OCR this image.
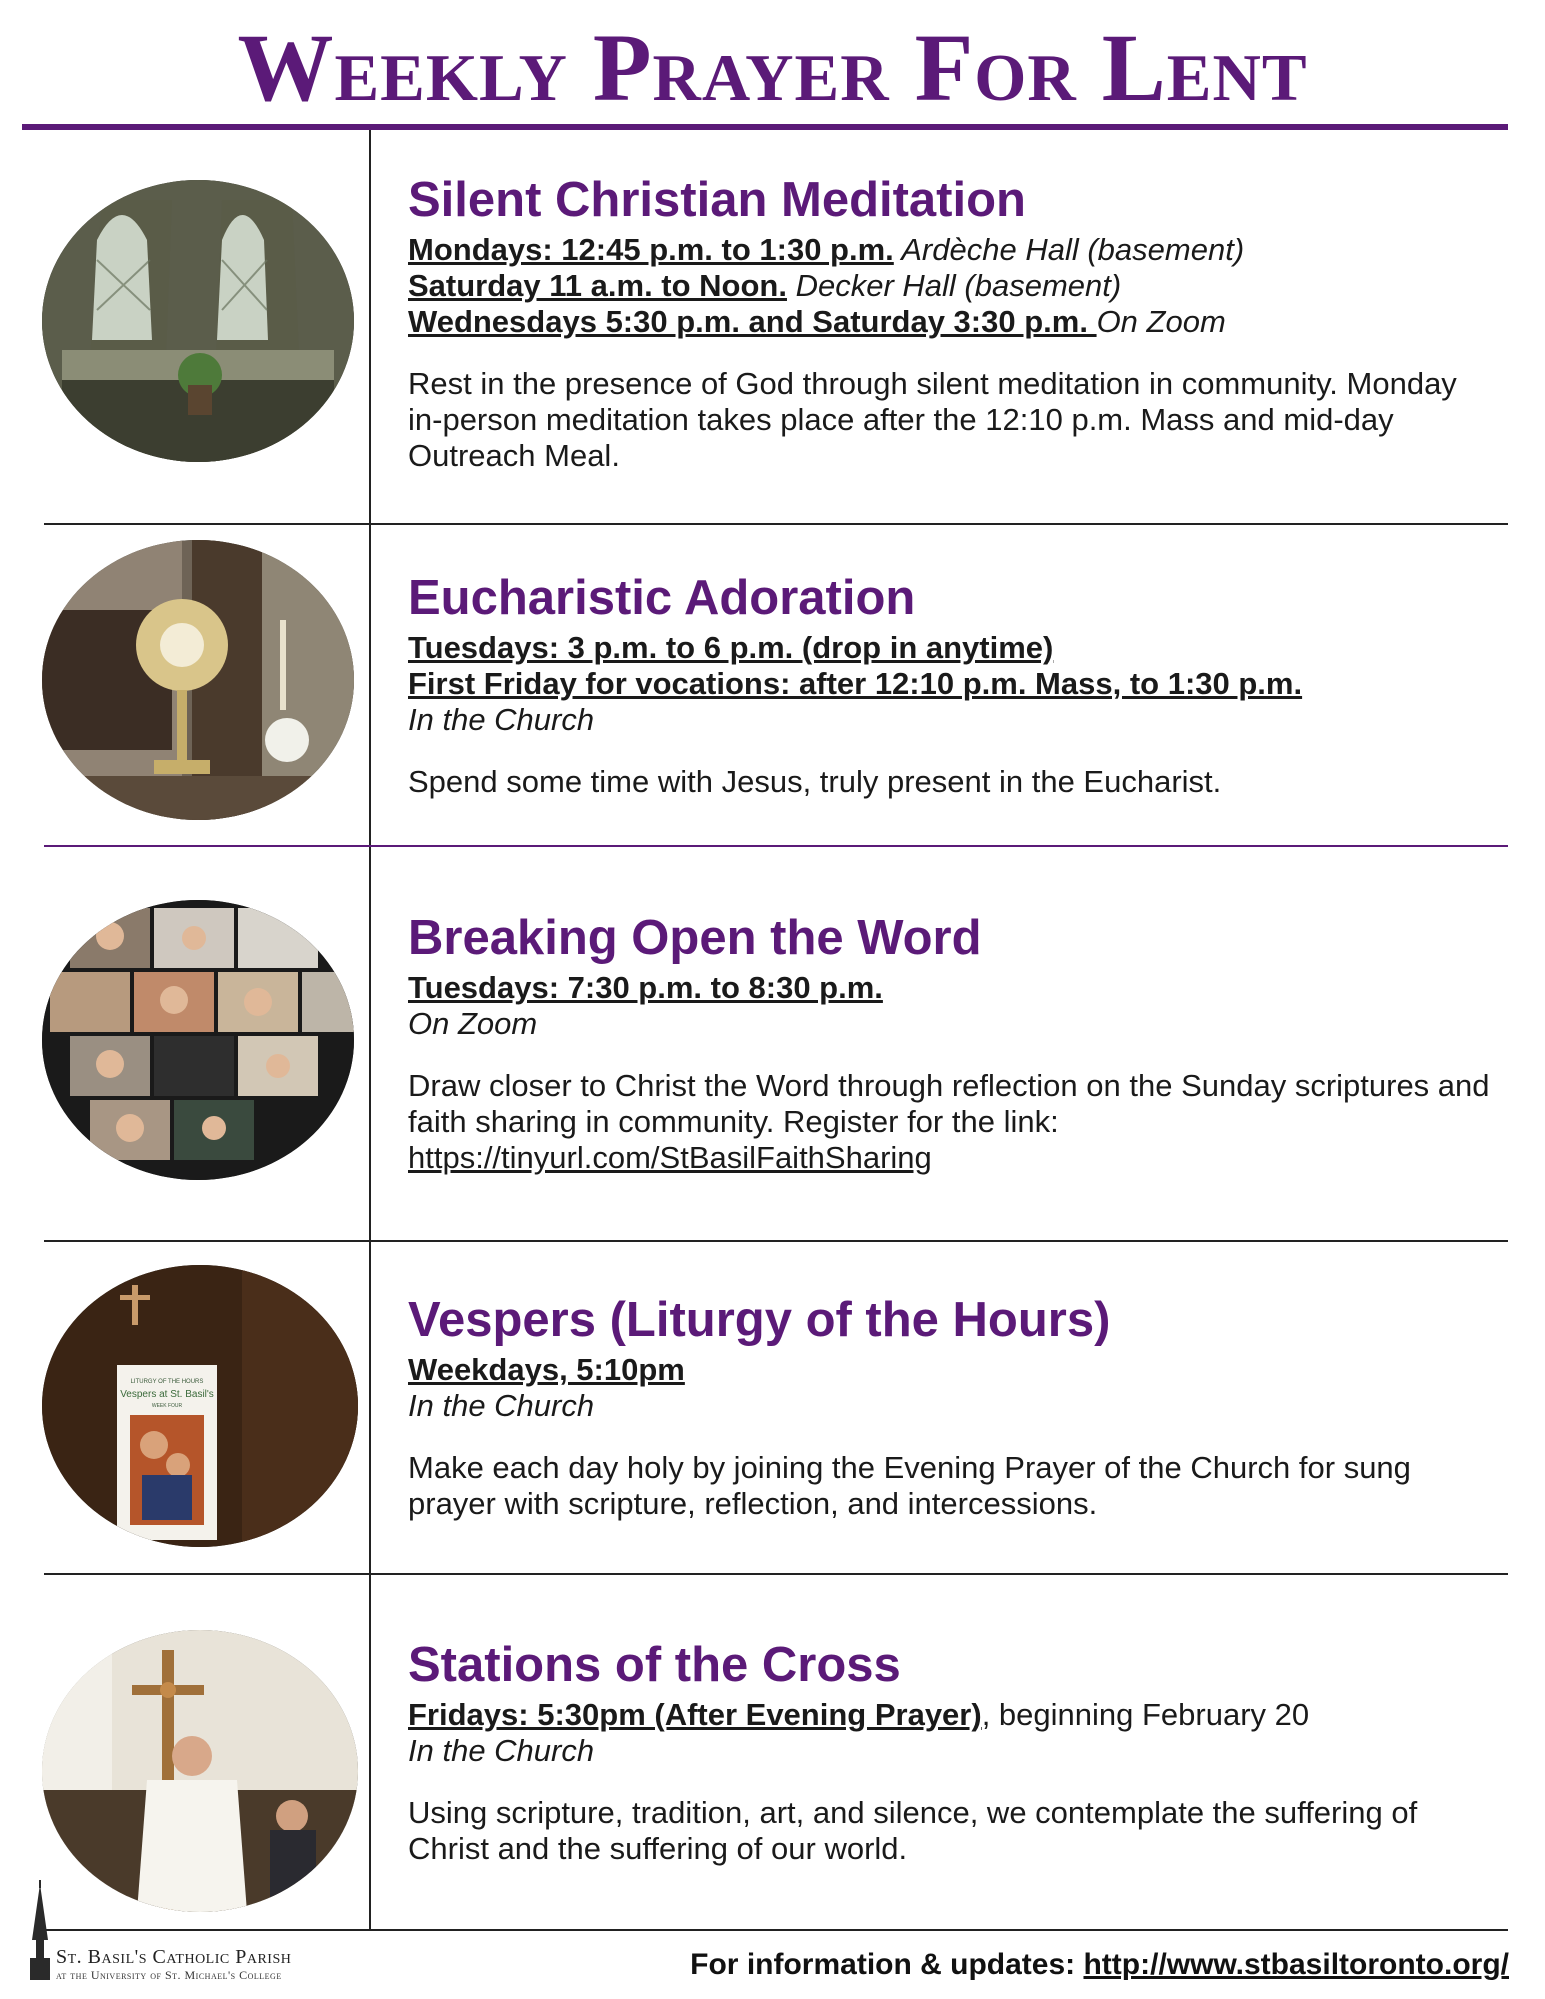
Weekly Prayer For Lent
LITURGY OF THE HOURS
Vespers at St. Basil's
WEEK FOUR
Silent Christian Meditation

Mondays: 12:45 p.m. to 1:30 p.m. Ardèche Hall (basement)

Saturday 11 a.m. to Noon. Decker Hall (basement)

Wednesdays 5:30 p.m. and Saturday 3:30 p.m. On Zoom

Rest in the presence of God through silent meditation in community. Monday in-person meditation takes place after the 12:10 p.m. Mass and mid-day Outreach Meal.

Eucharistic Adoration

Tuesdays: 3 p.m. to 6 p.m. (drop in anytime)

First Friday for vocations: after 12:10 p.m. Mass, to 1:30 p.m.

In the Church

Spend some time with Jesus, truly present in the Eucharist.

Breaking Open the Word

Tuesdays: 7:30 p.m. to 8:30 p.m.

On Zoom

Draw closer to Christ the Word through reflection on the Sunday scriptures and faith sharing in community. Register for the link:
https://tinyurl.com/StBasilFaithSharing

Vespers (Liturgy of the Hours)

Weekdays, 5:10pm

In the Church

Make each day holy by joining the Evening Prayer of the Church for sung prayer with scripture, reflection, and intercessions.

Stations of the Cross

Fridays: 5:30pm (After Evening Prayer), beginning February 20

In the Church

Using scripture, tradition, art, and silence, we contemplate the suffering of Christ and the suffering of our world.

St. Basil's Catholic Parish
at the University of St. Michael's College	For information & updates: http://www.stbasiltoronto.org/
